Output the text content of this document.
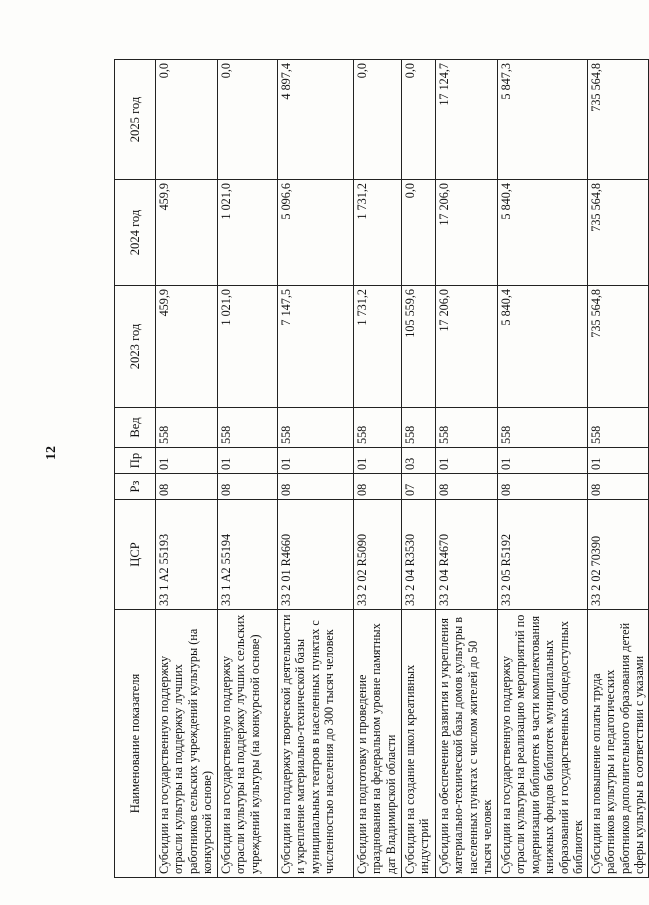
12
Наименование показателя	ЦСР	Рз	Пр	Вед	2023 год	2024 год	2025 год
Субсидии на государственную поддержку отрасли культуры на поддержку лучших работников сельских учреждений культуры (на конкурсной основе)	33 1 A2 55193	08	01	558	459,9	459,9	0,0
Субсидии на государственную поддержку отрасли культуры на поддержку лучших сельских учреждений культуры (на конкурсной основе)	33 1 A2 55194	08	01	558	1 021,0	1 021,0	0,0
Субсидии на поддержку творческой деятельности и укрепление материально-технической базы муниципальных театров в населенных пунктах с численностью населения до 300 тысяч человек	33 2 01 R4660	08	01	558	7 147,5	5 096,6	4 897,4
Субсидии на подготовку и проведение празднования на федеральном уровне памятных дат Владимирской области	33 2 02 R5090	08	01	558	1 731,2	1 731,2	0,0
Субсидии на создание школ креативных индустрий	33 2 04 R3530	07	03	558	105 559,6	0,0	0,0
Субсидии на обеспечение развития и укрепления материально-технической базы домов культуры в населенных пунктах с числом жителей до 50 тысяч человек	33 2 04 R4670	08	01	558	17 206,0	17 206,0	17 124,7
Субсидии на государственную поддержку отрасли культуры на реализацию мероприятий по модернизации библиотек в части комплектования книжных фондов библиотек муниципальных образований и государственных общедоступных библиотек	33 2 05 R5192	08	01	558	5 840,4	5 840,4	5 847,3
Субсидии на повышение оплаты труда работников культуры и педагогических работников дополнительного образования детей сферы культуры в соответствии с указами	33 2 02 70390	08	01	558	735 564,8	735 564,8	735 564,8
